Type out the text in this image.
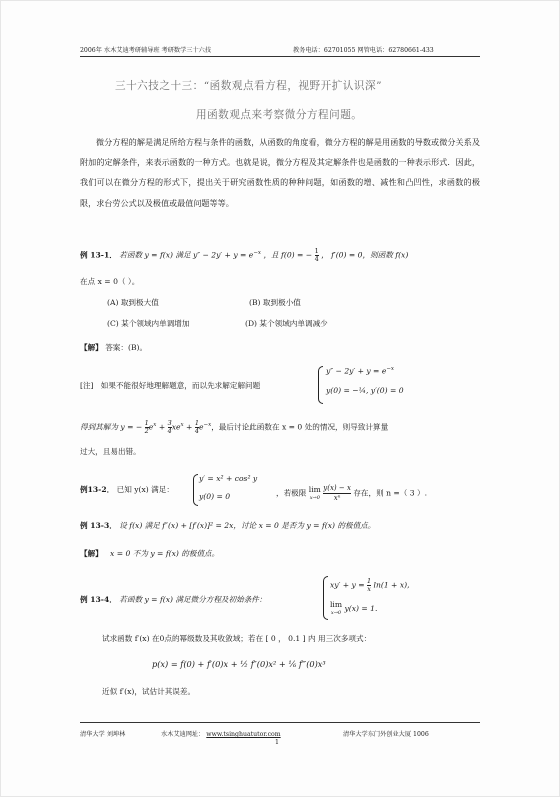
2006年 水木艾迪考研辅导班 考研数学三十六技	教务电话：62701055 网管电话：62780661-433
三十六技之十三：“函数观点看方程，视野开扩认识深”
用函数观点来考察微分方程问题。
微分方程的解是满足所给方程与条件的函数，从函数的角度看，微分方程的解是用函数的导数或微分关系及附加的定解条件，来表示函数的一种方式。也就是说，微分方程及其定解条件也是函数的一种表示形式．因此，我们可以在微分方程的形式下，提出关于研究函数性质的种种问题，如函数的增、减性和凸凹性，求函数的极限，求台劳公式以及极值或最值问题等等。
例 13-1． 若函数 y = f(x) 满足 $y'' - 2y' + y = e^{-x}$ ，且 f(0) = − $\frac{1}{4}$ ， f′(0) = 0，则函数 f(x)
在点 x = 0（ ）。
(A) 取到极大值	(B) 取到极小值
(C) 某个领域内单调增加	(D) 某个领域内单调减少
【解】 答案：(B)。
[注] 如果不能很好地理解题意，而以先求解定解问题
$y'' - 2y' + y = e^{-x}$
y(0) = −¼, y′(0) = 0
得到其解为 y = − $\frac{1}{2} e^x + \frac{3}{4} xe^x + \frac{1}{4} e^{-x}$，最后讨论此函数在 x = 0 处的情况，则导致计算量
过大，且易出错。
例13-2． 已知 y(x) 满足：
y′ = x² + cos² y
y(0) = 0	，若极限 lim
x→0
$\frac{y(x) - x}{\text{xⁿ}}$ 存在，则 n =（ 3 ）.
例 13-3． 设 f(x) 满足 f″(x) + [f′(x)]² = 2x，讨论 x = 0 是否为 y = f(x) 的极值点。
【解】 x = 0 不为 y = f(x) 的极值点。
例 13-4． 若函数 y = f(x) 满足微分方程及初始条件：
$xy' + y = \frac{1}{x} \ln(1 + x)$,
lim
x→0 y(x) = 1.
试求函数 f′(x) 在0点的幂级数及其收敛域；若在 [ 0 ， 0.1 ] 内 用三次多项式：
p(x) = f(0) + f′(0)x + ½ f″(0)x² + ⅙ f‴(0)x³
近似 f′(x)，试估计其误差。
清华大学 刘坤林	水木艾迪网址： www.tsinghuatutor.com	清华大学东门外创业大厦 1006
1
